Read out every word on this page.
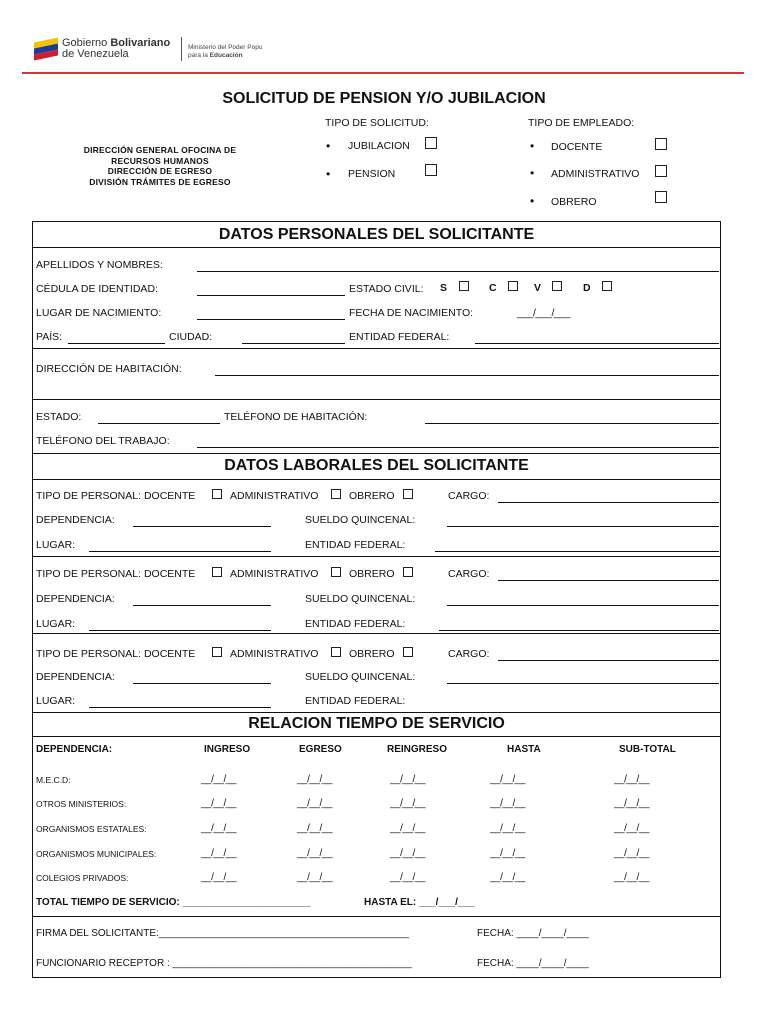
Gobierno Bolivariano
de Venezuela
Ministerio del Poder Popu
para la Educación
SOLICITUD DE PENSION Y/O JUBILACION
DIRECCIÓN GENERAL OFOCINA DE
RECURSOS HUMANOS
DIRECCIÓN DE EGRESO
DIVISIÓN TRÁMITES DE EGRESO
TIPO DE SOLICITUD:
• JUBILACION
• PENSION
TIPO DE EMPLEADO:
• DOCENTE
• ADMINISTRATIVO
• OBRERO
DATOS PERSONALES DEL SOLICITANTE
APELLIDOS Y NOMBRES:
CÉDULA DE IDENTIDAD:	ESTADO CIVIL: S	C	V	D
LUGAR DE NACIMIENTO:	FECHA DE NACIMIENTO:	___/___/___
PAÍS:	CIUDAD:	ENTIDAD FEDERAL:
DIRECCIÓN DE HABITACIÓN:
ESTADO:	TELÉFONO DE HABITACIÓN:
TELÉFONO DEL TRABAJO:
DATOS LABORALES DEL SOLICITANTE
TIPO DE PERSONAL: DOCENTE	ADMINISTRATIVO	OBRERO	CARGO:
DEPENDENCIA:	SUELDO QUINCENAL:
LUGAR:	ENTIDAD FEDERAL:
TIPO DE PERSONAL: DOCENTE	ADMINISTRATIVO	OBRERO	CARGO:
DEPENDENCIA:	SUELDO QUINCENAL:
LUGAR:	ENTIDAD FEDERAL:
TIPO DE PERSONAL: DOCENTE	ADMINISTRATIVO	OBRERO	CARGO:
DEPENDENCIA:	SUELDO QUINCENAL:
LUGAR:	ENTIDAD FEDERAL:
RELACION TIEMPO DE SERVICIO
DEPENDENCIA:	INGRESO	EGRESO	REINGRESO	HASTA	SUB-TOTAL
M.E.C.D:	__/__/__	__/__/__	__/__/__	__/__/__	__/__/__
OTROS MINISTERIOS:	__/__/__	__/__/__	__/__/__	__/__/__	__/__/__
ORGANISMOS ESTATALES:	__/__/__	__/__/__	__/__/__	__/__/__	__/__/__
ORGANISMOS MUNICIPALES:	__/__/__	__/__/__	__/__/__	__/__/__	__/__/__
COLEGIOS PRIVADOS:	__/__/__	__/__/__	__/__/__	__/__/__	__/__/__
TOTAL TIEMPO DE SERVICIO: _______________________	HASTA EL: ___/___/___
FIRMA DEL SOLICITANTE:_____________________________________________	FECHA: ____/____/____
FUNCIONARIO RECEPTOR : ___________________________________________	FECHA: ____/____/____
